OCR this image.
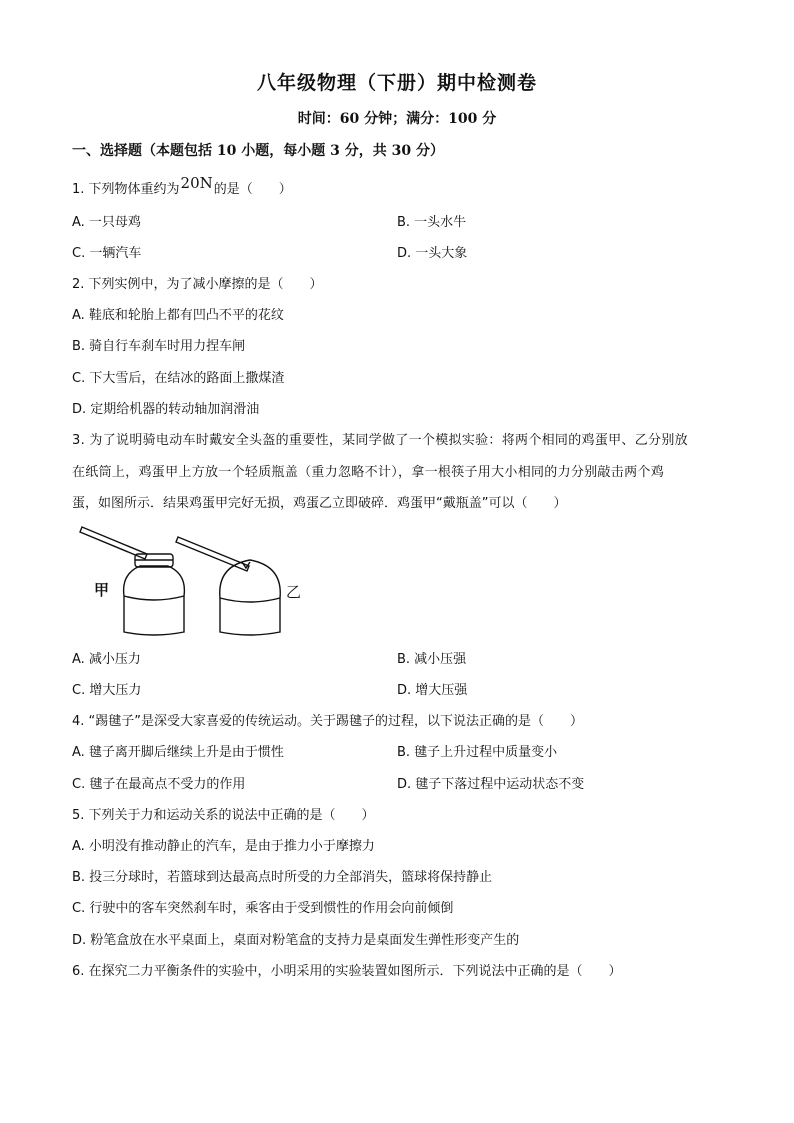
八年级物理（下册）期中检测卷
时间：60 分钟；满分：100 分
一、选择题（本题包括 10 小题，每小题 3 分，共 30 分）
1. 下列物体重约为20N的是（　　）
A. 一只母鸡	B. 一头水牛
C. 一辆汽车	D. 一头大象
2. 下列实例中，为了减小摩擦的是（　　）
A. 鞋底和轮胎上都有凹凸不平的花纹
B. 骑自行车刹车时用力捏车闸
C. 下大雪后，在结冰的路面上撒煤渣
D. 定期给机器的转动轴加润滑油
3. 为了说明骑电动车时戴安全头盔的重要性，某同学做了一个模拟实验：将两个相同的鸡蛋甲、乙分别放
在纸筒上，鸡蛋甲上方放一个轻质瓶盖（重力忽略不计），拿一根筷子用大小相同的力分别敲击两个鸡
蛋，如图所示．结果鸡蛋甲完好无损，鸡蛋乙立即破碎．鸡蛋甲“戴瓶盖”可以（　　）
甲	乙
A. 减小压力	B. 减小压强
C. 增大压力	D. 增大压强
4. “踢毽子”是深受大家喜爱的传统运动。关于踢毽子的过程，以下说法正确的是（　　）
A. 毽子离开脚后继续上升是由于惯性	B. 毽子上升过程中质量变小
C. 毽子在最高点不受力的作用	D. 毽子下落过程中运动状态不变
5. 下列关于力和运动关系的说法中正确的是（　　）
A. 小明没有推动静止的汽车，是由于推力小于摩擦力
B. 投三分球时，若篮球到达最高点时所受的力全部消失，篮球将保持静止
C. 行驶中的客车突然刹车时，乘客由于受到惯性的作用会向前倾倒
D. 粉笔盒放在水平桌面上，桌面对粉笔盒的支持力是桌面发生弹性形变产生的
6. 在探究二力平衡条件的实验中，小明采用的实验装置如图所示．下列说法中正确的是（　　）
